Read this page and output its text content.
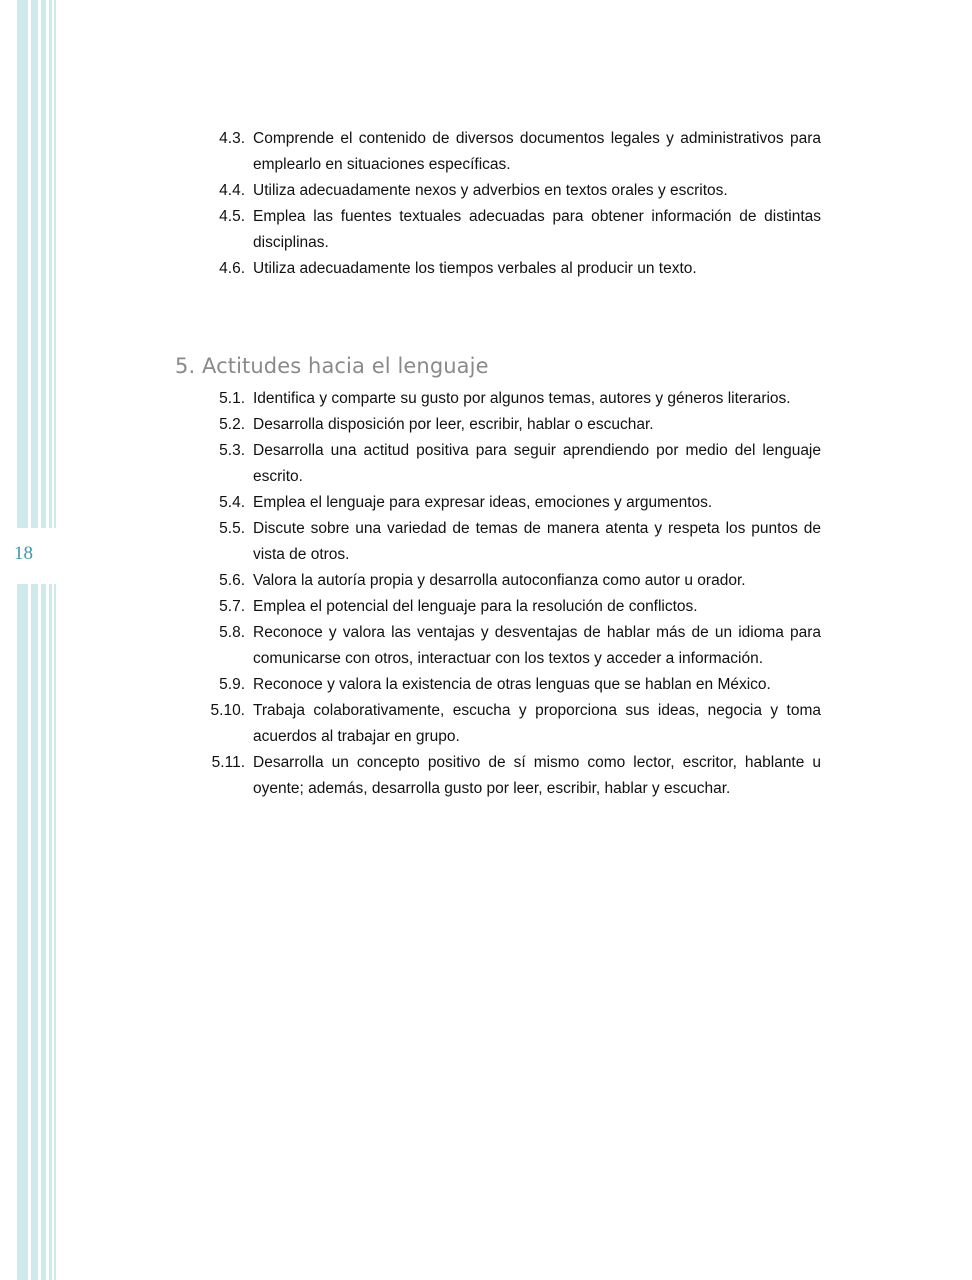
18
4.3. Comprende el contenido de diversos documentos legales y administrativos para emplearlo en situaciones específicas.
4.4. Utiliza adecuadamente nexos y adverbios en textos orales y escritos.
4.5. Emplea las fuentes textuales adecuadas para obtener información de distintas disciplinas.
4.6. Utiliza adecuadamente los tiempos verbales al producir un texto.
5. Actitudes hacia el lenguaje
5.1. Identifica y comparte su gusto por algunos temas, autores y géneros literarios.
5.2. Desarrolla disposición por leer, escribir, hablar o escuchar.
5.3. Desarrolla una actitud positiva para seguir aprendiendo por medio del lenguaje escrito.
5.4. Emplea el lenguaje para expresar ideas, emociones y argumentos.
5.5. Discute sobre una variedad de temas de manera atenta y respeta los puntos de vista de otros.
5.6. Valora la autoría propia y desarrolla autoconfianza como autor u orador.
5.7. Emplea el potencial del lenguaje para la resolución de conflictos.
5.8. Reconoce y valora las ventajas y desventajas de hablar más de un idioma para comunicarse con otros, interactuar con los textos y acceder a información.
5.9. Reconoce y valora la existencia de otras lenguas que se hablan en México.
5.10. Trabaja colaborativamente, escucha y proporciona sus ideas, negocia y toma acuerdos al trabajar en grupo.
5.11. Desarrolla un concepto positivo de sí mismo como lector, escritor, hablante u oyente; además, desarrolla gusto por leer, escribir, hablar y escuchar.
